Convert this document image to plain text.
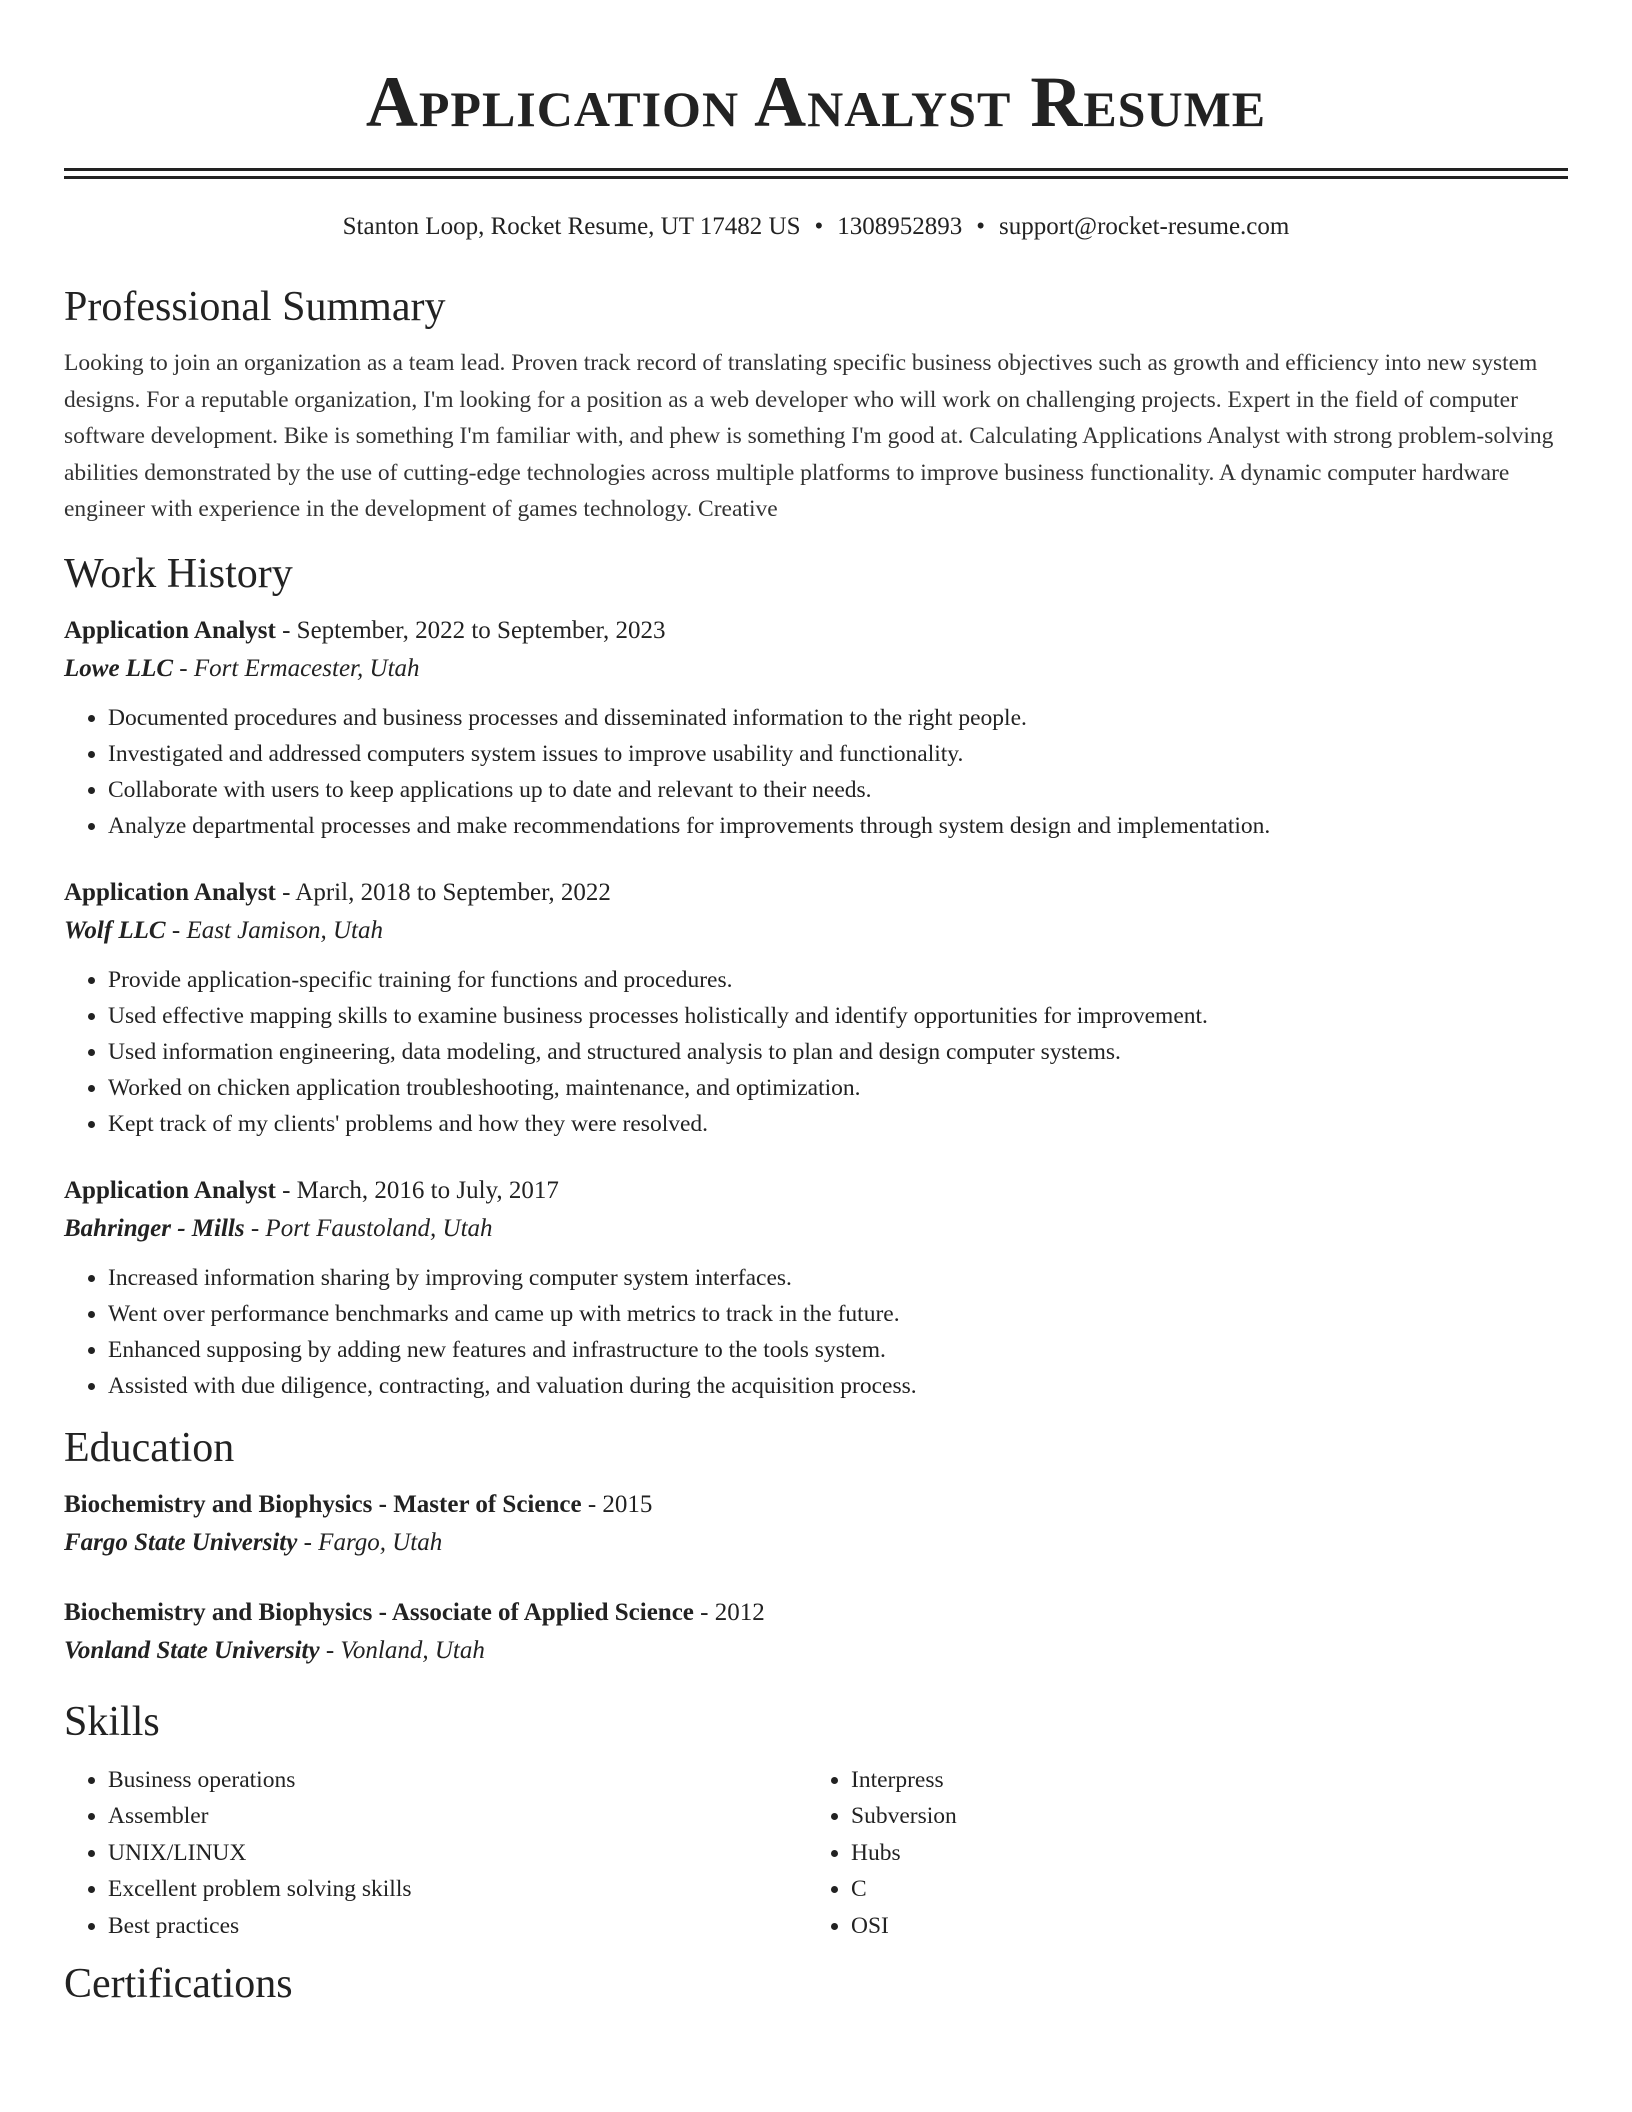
Application Analyst Resume
Stanton Loop, Rocket Resume, UT 17482 US • 1308952893 • support@rocket-resume.com
Professional Summary

Looking to join an organization as a team lead. Proven track record of translating specific business objectives such as growth and efficiency into new system designs. For a reputable organization, I'm looking for a position as a web developer who will work on challenging projects. Expert in the field of computer software development. Bike is something I'm familiar with, and phew is something I'm good at. Calculating Applications Analyst with strong problem-solving abilities demonstrated by the use of cutting-edge technologies across multiple platforms to improve business functionality. A dynamic computer hardware engineer with experience in the development of games technology. Creative

Work History
Application Analyst - September, 2022 to September, 2023
Lowe LLC - Fort Ermacester, Utah
• Documented procedures and business processes and disseminated information to the right people.
• Investigated and addressed computers system issues to improve usability and functionality.
• Collaborate with users to keep applications up to date and relevant to their needs.
• Analyze departmental processes and make recommendations for improvements through system design and implementation.
Application Analyst - April, 2018 to September, 2022
Wolf LLC - East Jamison, Utah
• Provide application-specific training for functions and procedures.
• Used effective mapping skills to examine business processes holistically and identify opportunities for improvement.
• Used information engineering, data modeling, and structured analysis to plan and design computer systems.
• Worked on chicken application troubleshooting, maintenance, and optimization.
• Kept track of my clients' problems and how they were resolved.
Application Analyst - March, 2016 to July, 2017
Bahringer - Mills - Port Faustoland, Utah
• Increased information sharing by improving computer system interfaces.
• Went over performance benchmarks and came up with metrics to track in the future.
• Enhanced supposing by adding new features and infrastructure to the tools system.
• Assisted with due diligence, contracting, and valuation during the acquisition process.
Education
Biochemistry and Biophysics - Master of Science - 2015
Fargo State University - Fargo, Utah
Biochemistry and Biophysics - Associate of Applied Science - 2012
Vonland State University - Vonland, Utah
Skills
• Business operations
• Assembler
• UNIX/LINUX
• Excellent problem solving skills
• Best practices
• Interpress
• Subversion
• Hubs
• C
• OSI
Certifications
